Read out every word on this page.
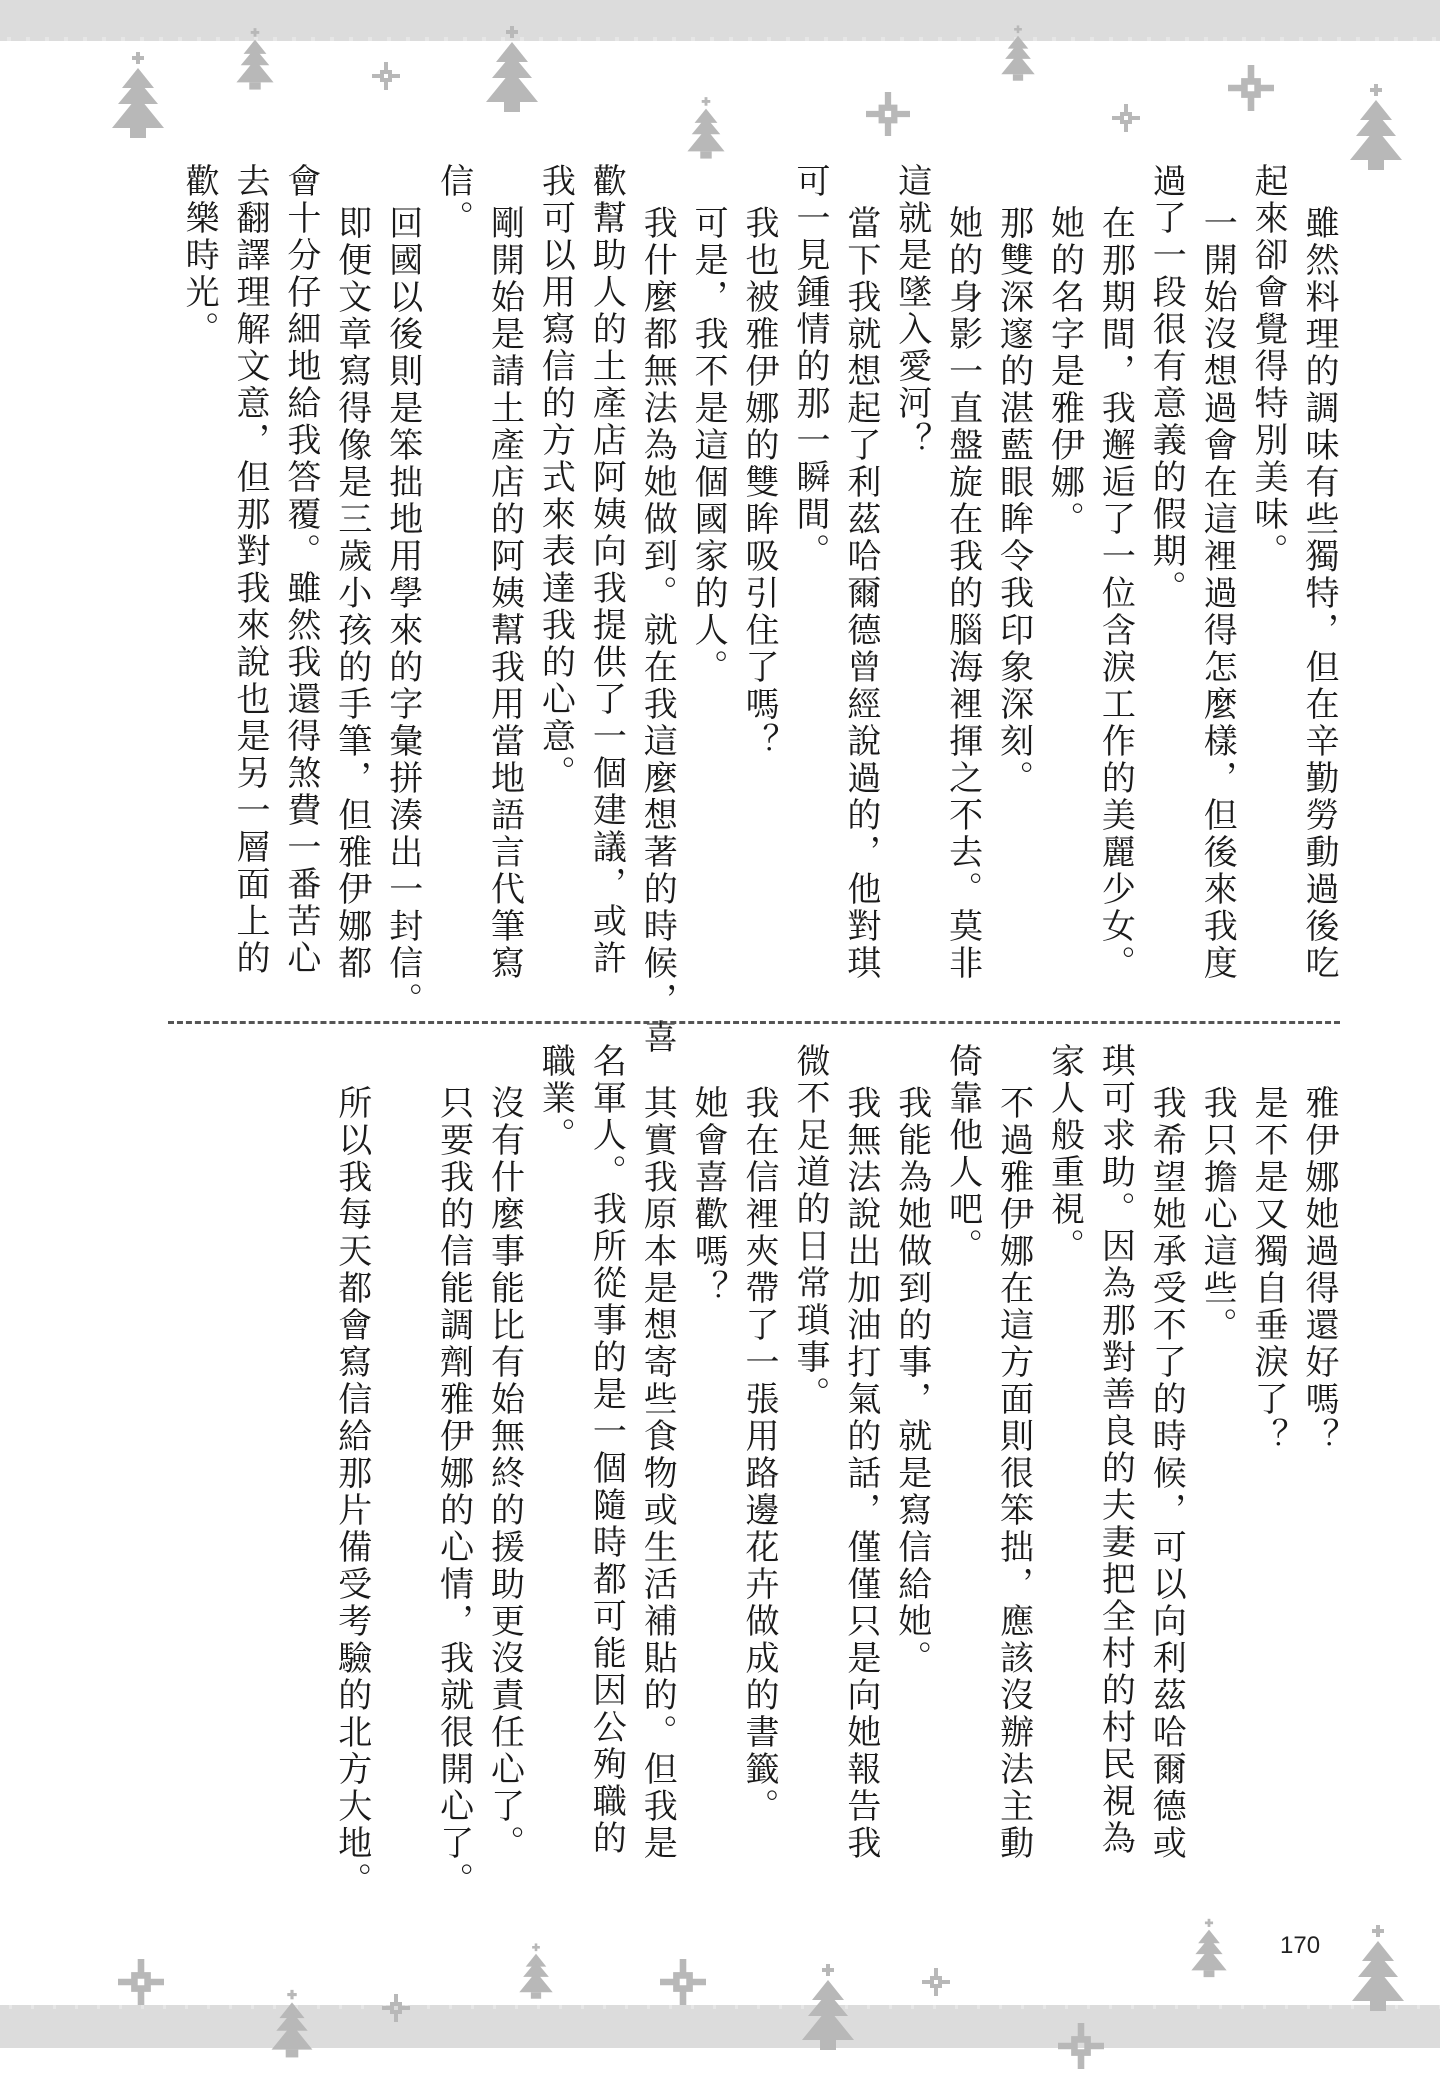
雖然料理的調味有些獨特，但在辛勤勞動過後吃
起來卻會覺得特別美味。
一開始沒想過會在這裡過得怎麼樣，但後來我度
過了一段很有意義的假期。
在那期間，我邂逅了一位含淚工作的美麗少女。
她的名字是雅伊娜。
那雙深邃的湛藍眼眸令我印象深刻。
她的身影一直盤旋在我的腦海裡揮之不去。莫非
這就是墜入愛河？
當下我就想起了利茲哈爾德曾經說過的，他對琪
可一見鍾情的那一瞬間。
我也被雅伊娜的雙眸吸引住了嗎？
可是，我不是這個國家的人。
我什麼都無法為她做到。就在我這麼想著的時候，喜
歡幫助人的土產店阿姨向我提供了一個建議，或許
我可以用寫信的方式來表達我的心意。
剛開始是請土產店的阿姨幫我用當地語言代筆寫
信。
回國以後則是笨拙地用學來的字彙拼湊出一封信。
即便文章寫得像是三歲小孩的手筆，但雅伊娜都
會十分仔細地給我答覆。雖然我還得煞費一番苦心
去翻譯理解文意，但那對我來說也是另一層面上的
歡樂時光。
雅伊娜她過得還好嗎？
是不是又獨自垂淚了？
我只擔心這些。
我希望她承受不了的時候，可以向利茲哈爾德或
琪可求助。因為那對善良的夫妻把全村的村民視為
家人般重視。
不過雅伊娜在這方面則很笨拙，應該沒辦法主動
倚靠他人吧。
我能為她做到的事，就是寫信給她。
我無法說出加油打氣的話，僅僅只是向她報告我
微不足道的日常瑣事。
我在信裡夾帶了一張用路邊花卉做成的書籤。
她會喜歡嗎？
其實我原本是想寄些食物或生活補貼的。但我是
名軍人。我所從事的是一個隨時都可能因公殉職的
職業。
沒有什麼事能比有始無終的援助更沒責任心了。
只要我的信能調劑雅伊娜的心情，我就很開心了。
所以我每天都會寫信給那片備受考驗的北方大地。
170
